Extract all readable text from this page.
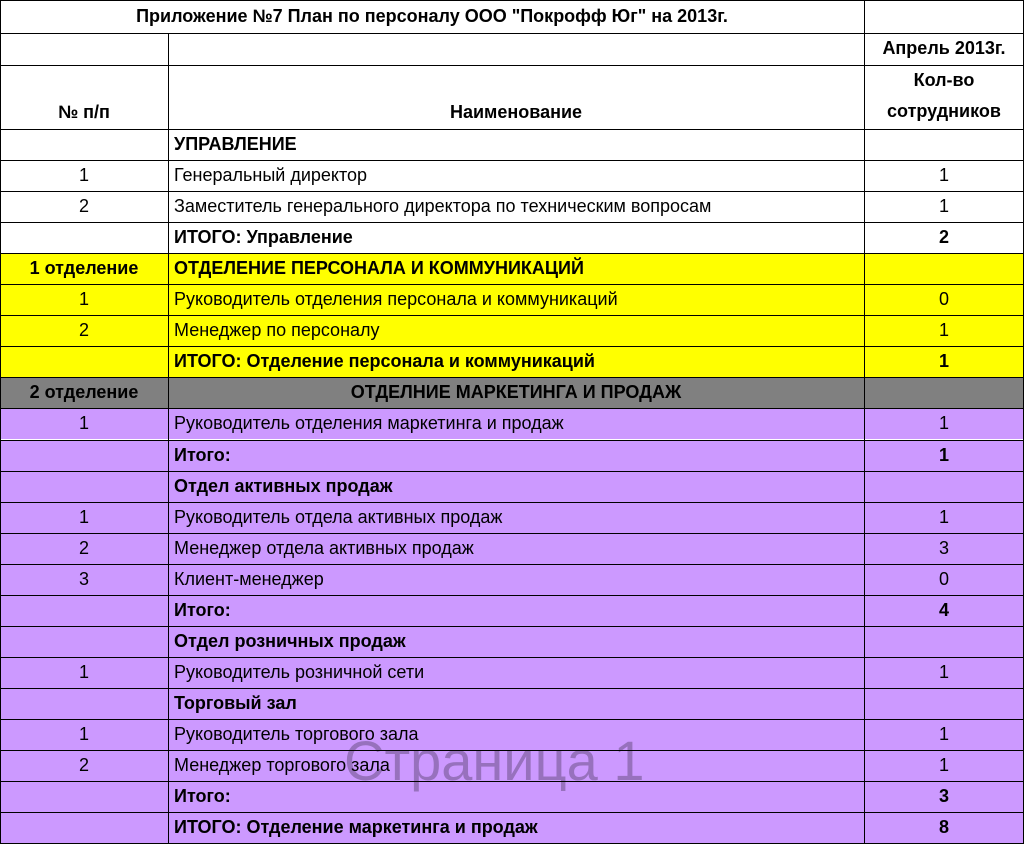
Приложение №7 План по персоналу ООО "Покрофф Юг" на 2013г.
Апрель 2013г.
№ п/п	Наименование
Кол-во
сотрудников
УПРАВЛЕНИЕ
1	Генеральный директор	1
2	Заместитель генерального директора по техническим вопросам	1
ИТОГО: Управление	2
1 отделение	ОТДЕЛЕНИЕ ПЕРСОНАЛА И КОММУНИКАЦИЙ
1	Руководитель отделения персонала и коммуникаций	0
2	Менеджер по персоналу	1
ИТОГО: Отделение персонала и коммуникаций	1
2 отделение	ОТДЕЛНИЕ МАРКЕТИНГА И ПРОДАЖ
1	Руководитель отделения маркетинга и продаж	1
Итого:	1
Отдел активных продаж
1	Руководитель отдела активных продаж	1
2	Менеджер отдела активных продаж	3
3	Клиент-менеджер	0
Итого:	4
Отдел розничных продаж
1	Руководитель розничной сети	1
Торговый зал
1	Руководитель торгового зала	1
2	Менеджер торгового зала	1
Итого:	3
ИТОГО: Отделение маркетинга и продаж	8
Страница 1
